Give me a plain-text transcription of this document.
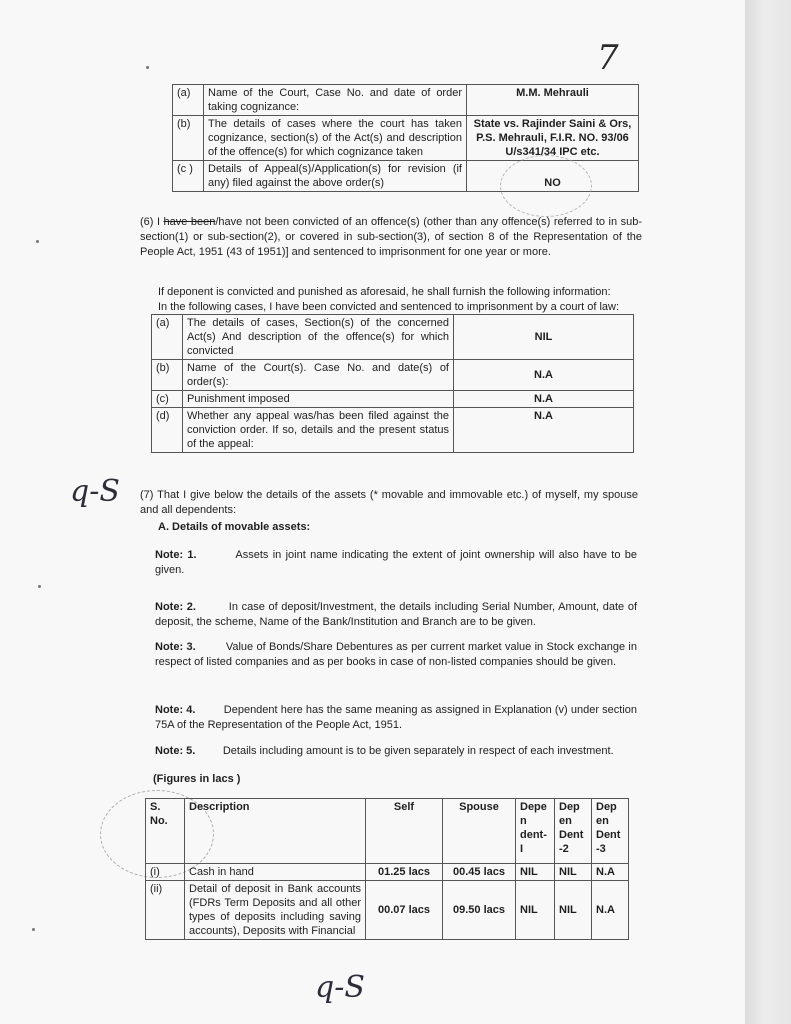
7
(a)	Name of the Court, Case No. and date of order taking cognizance:	M.M. Mehrauli
(b)	The details of cases where the court has taken cognizance, section(s) of the Act(s) and description of the offence(s) for which cognizance taken	State vs. Rajinder Saini & Ors, P.S. Mehrauli, F.I.R. NO. 93/06 U/s341/34 IPC etc.
(c )	Details of Appeal(s)/Application(s) for revision (if any) filed against the above order(s)	NO
(6) I have been/have not been convicted of an offence(s) (other than any offence(s) referred to in sub-section(1) or sub-section(2), or covered in sub-section(3), of section 8 of the Representation of the People Act, 1951 (43 of 1951)] and sentenced to imprisonment for one year or more.
If deponent is convicted and punished as aforesaid, he shall furnish the following information:
In the following cases, I have been convicted and sentenced to imprisonment by a court of law:
(a)	The details of cases, Section(s) of the concerned Act(s) And description of the offence(s) for which convicted	NIL
(b)	Name of the Court(s). Case No. and date(s) of order(s):	N.A
(c)	Punishment imposed	N.A
(d)	Whether any appeal was/has been filed against the conviction order. If so, details and the present status of the appeal:	N.A
q-S (7) That I give below the details of the assets (* movable and immovable etc.) of myself, my spouse and all dependents:
A. Details of movable assets:
Note: 1.	Assets in joint name indicating the extent of joint ownership will also have to be given.
Note: 2.	In case of deposit/Investment, the details including Serial Number, Amount, date of deposit, the scheme, Name of the Bank/Institution and Branch are to be given.
Note: 3.	Value of Bonds/Share Debentures as per current market value in Stock exchange in respect of listed companies and as per books in case of non-listed companies should be given.
Note: 4.	Dependent here has the same meaning as assigned in Explanation (v) under section 75A of the Representation of the People Act, 1951.
Note: 5.	Details including amount is to be given separately in respect of each investment.
(Figures in lacs )
S. No.	Description	Self	Spouse	Depe n dent- I	Dep en Dent -2	Dep en Dent -3
(i)	Cash in hand	01.25 lacs	00.45 lacs	NIL	NIL	N.A
(ii)	Detail of deposit in Bank accounts (FDRs Term Deposits and all other types of deposits including saving accounts), Deposits with Financial	00.07 lacs	09.50 lacs	NIL	NIL	N.A
q-S
